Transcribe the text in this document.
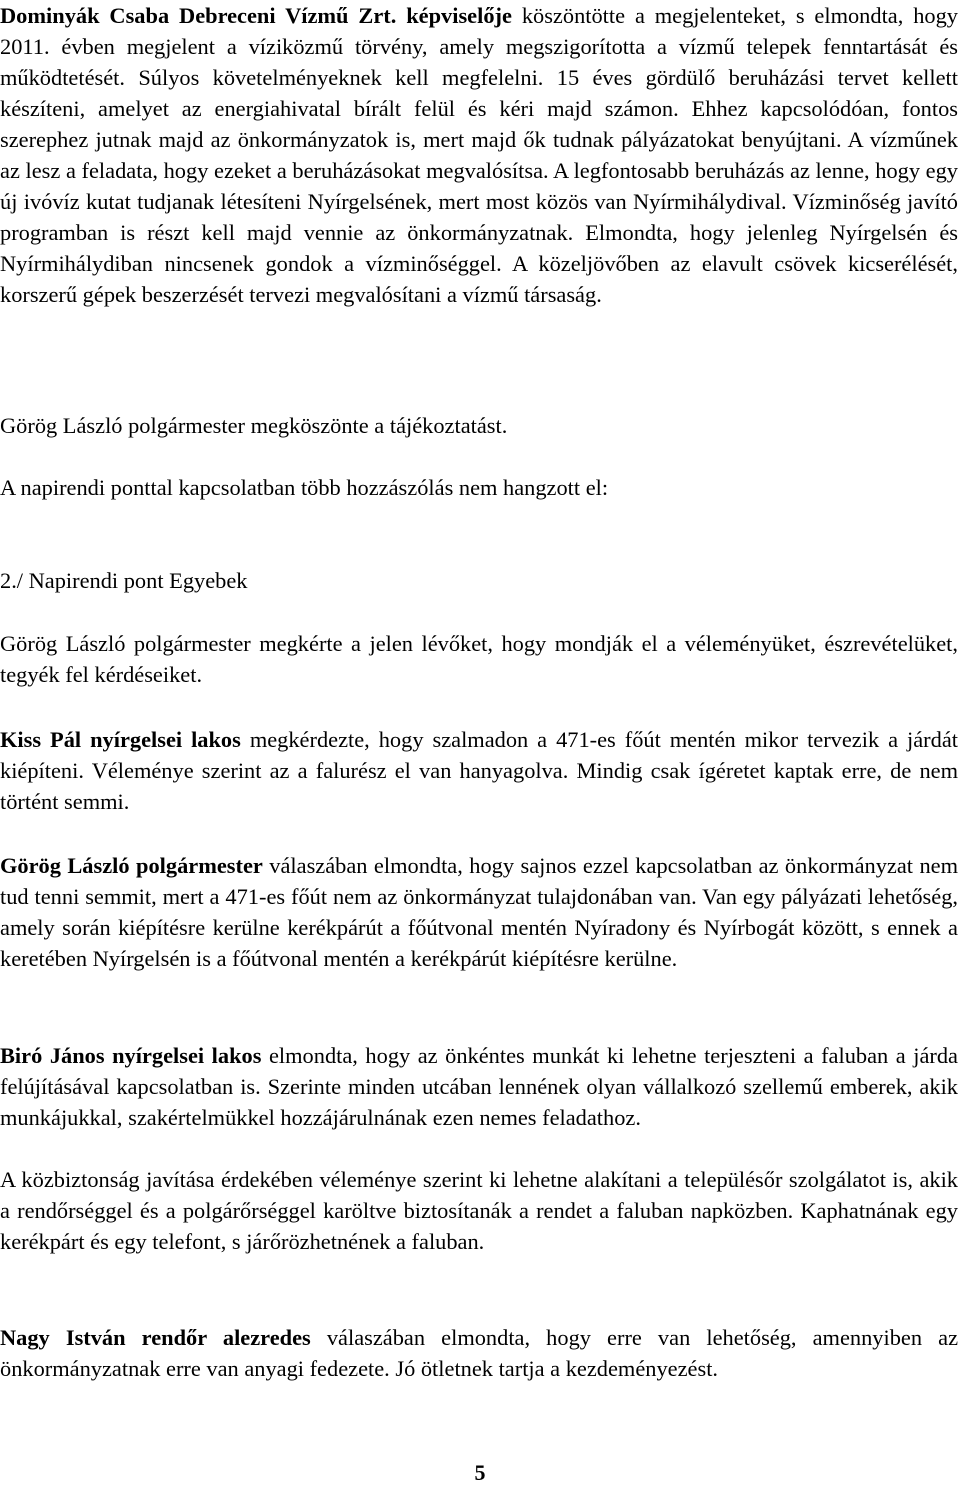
Dominyák Csaba Debreceni Vízmű Zrt. képviselője köszöntötte a megjelenteket, s elmondta, hogy 2011. évben megjelent a víziközmű törvény, amely megszigorította a vízmű telepek fenntartását és működtetését. Súlyos követelményeknek kell megfelelni. 15 éves gördülő beruházási tervet kellett készíteni, amelyet az energiahivatal bírált felül és kéri majd számon. Ehhez kapcsolódóan, fontos szerephez jutnak majd az önkormányzatok is, mert majd ők tudnak pályázatokat benyújtani. A vízműnek az lesz a feladata, hogy ezeket a beruházásokat megvalósítsa. A legfontosabb beruházás az lenne, hogy egy új ivóvíz kutat tudjanak létesíteni Nyírgelsének, mert most közös van Nyírmihálydival. Vízminőség javító programban is részt kell majd vennie az önkormányzatnak. Elmondta, hogy jelenleg Nyírgelsén és Nyírmihálydiban nincsenek gondok a vízminőséggel. A közeljövőben az elavult csövek kicserélését, korszerű gépek beszerzését tervezi megvalósítani a vízmű társaság.

Görög László polgármester megköszönte a tájékoztatást.

A napirendi ponttal kapcsolatban több hozzászólás nem hangzott el:

2./ Napirendi pont Egyebek

Görög László polgármester megkérte a jelen lévőket, hogy mondják el a véleményüket, észrevételüket, tegyék fel kérdéseiket.

Kiss Pál nyírgelsei lakos megkérdezte, hogy szalmadon a 471-es főút mentén mikor tervezik a járdát kiépíteni. Véleménye szerint az a falurész el van hanyagolva. Mindig csak ígéretet kaptak erre, de nem történt semmi.

Görög László polgármester válaszában elmondta, hogy sajnos ezzel kapcsolatban az önkormányzat nem tud tenni semmit, mert a 471-es főút nem az önkormányzat tulajdonában van. Van egy pályázati lehetőség, amely során kiépítésre kerülne kerékpárút a főútvonal mentén Nyíradony és Nyírbogát között, s ennek a keretében Nyírgelsén is a főútvonal mentén a kerékpárút kiépítésre kerülne.

Biró János nyírgelsei lakos elmondta, hogy az önkéntes munkát ki lehetne terjeszteni a faluban a járda felújításával kapcsolatban is. Szerinte minden utcában lennének olyan vállalkozó szellemű emberek, akik munkájukkal, szakértelmükkel hozzájárulnának ezen nemes feladathoz.

A közbiztonság javítása érdekében véleménye szerint ki lehetne alakítani a településőr szolgálatot is, akik a rendőrséggel és a polgárőrséggel karöltve biztosítanák a rendet a faluban napközben. Kaphatnának egy kerékpárt és egy telefont, s járőrözhetnének a faluban.

Nagy István rendőr alezredes válaszában elmondta, hogy erre van lehetőség, amennyiben az önkormányzatnak erre van anyagi fedezete. Jó ötletnek tartja a kezdeményezést.

5
